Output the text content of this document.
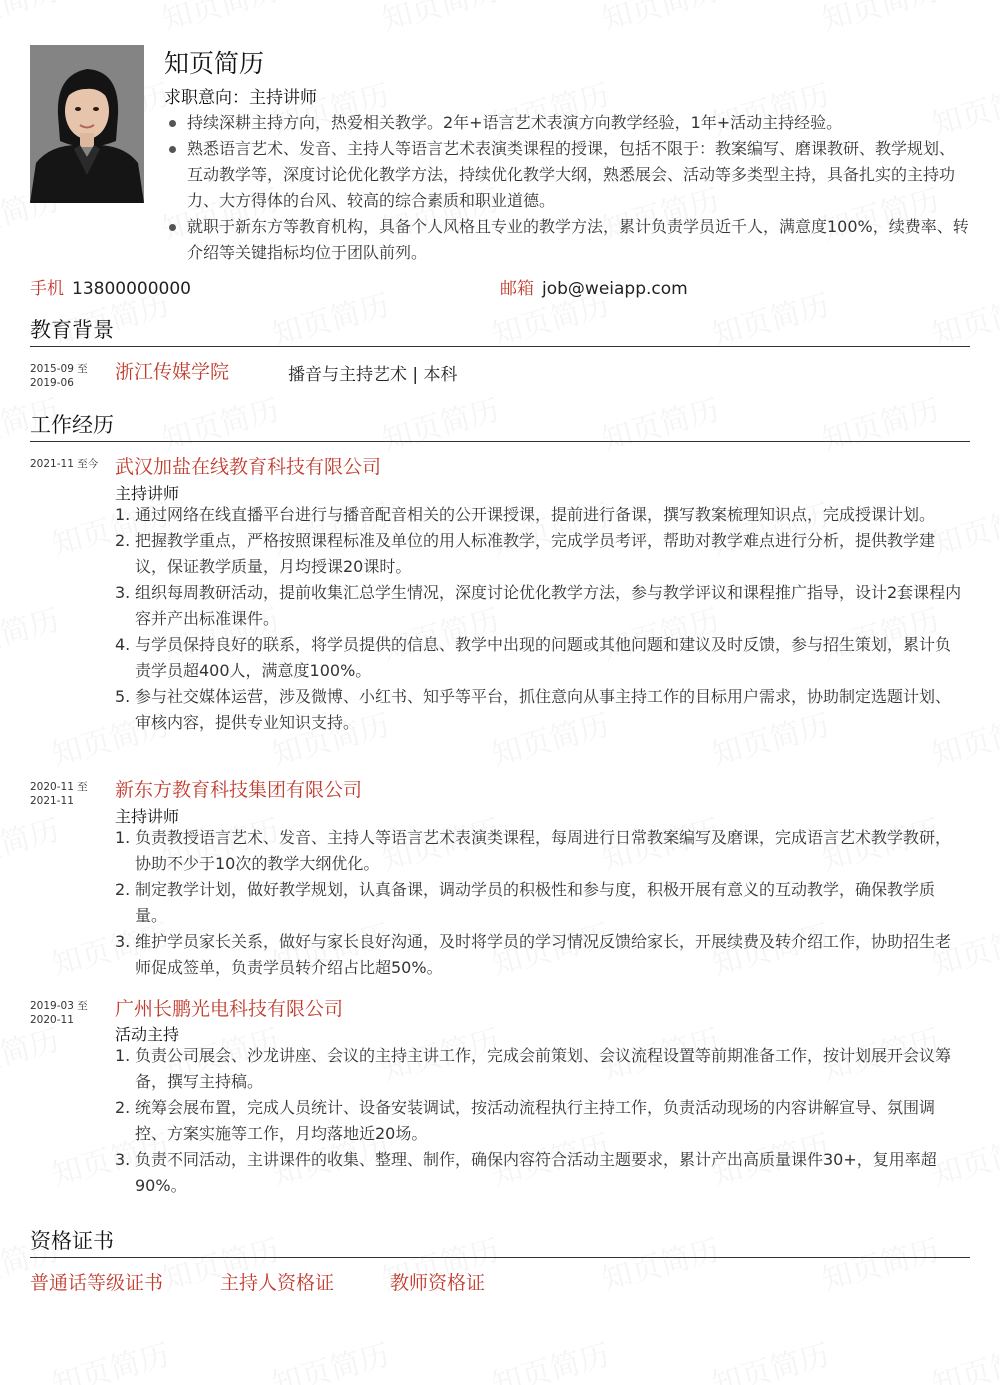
知页简历
求职意向：主持讲师
持续深耕主持方向，热爱相关教学。2年+语言艺术表演方向教学经验，1年+活动主持经验。
熟悉语言艺术、发音、主持人等语言艺术表演类课程的授课，包括不限于：教案编写、磨课教研、教学规划、互动教学等，深度讨论优化教学方法，持续优化教学大纲，熟悉展会、活动等多类型主持，具备扎实的主持功力、大方得体的台风、较高的综合素质和职业道德。
就职于新东方等教育机构，具备个人风格且专业的教学方法，累计负责学员近千人，满意度100%，续费率、转介绍等关键指标均位于团队前列。
手机 13800000000	邮箱 job@weiapp.com
教育背景
2015-09 至 2019-06	浙江传媒学院	播音与主持艺术 | 本科
工作经历
2021-11 至今 武汉加盐在线教育科技有限公司
主持讲师
1. 通过网络在线直播平台进行与播音配音相关的公开课授课，提前进行备课，撰写教案梳理知识点，完成授课计划。
2. 把握教学重点，严格按照课程标准及单位的用人标准教学，完成学员考评，帮助对教学难点进行分析，提供教学建议，保证教学质量，月均授课20课时。
3. 组织每周教研活动，提前收集汇总学生情况，深度讨论优化教学方法，参与教学评议和课程推广指导，设计2套课程内容并产出标准课件。
4. 与学员保持良好的联系，将学员提供的信息、教学中出现的问题或其他问题和建议及时反馈，参与招生策划，累计负责学员超400人，满意度100%。
5. 参与社交媒体运营，涉及微博、小红书、知乎等平台，抓住意向从事主持工作的目标用户需求，协助制定选题计划、审核内容，提供专业知识支持。
2020-11 至 2021-11	新东方教育科技集团有限公司
主持讲师
1. 负责教授语言艺术、发音、主持人等语言艺术表演类课程，每周进行日常教案编写及磨课，完成语言艺术教学教研，协助不少于10次的教学大纲优化。
2. 制定教学计划，做好教学规划，认真备课，调动学员的积极性和参与度，积极开展有意义的互动教学，确保教学质量。
3. 维护学员家长关系，做好与家长良好沟通，及时将学员的学习情况反馈给家长，开展续费及转介绍工作，协助招生老师促成签单，负责学员转介绍占比超50%。
2019-03 至 2020-11	广州长鹏光电科技有限公司
活动主持
1. 负责公司展会、沙龙讲座、会议的主持主讲工作，完成会前策划、会议流程设置等前期准备工作，按计划展开会议筹备，撰写主持稿。
2. 统筹会展布置，完成人员统计、设备安装调试，按活动流程执行主持工作，负责活动现场的内容讲解宣导、氛围调控、方案实施等工作，月均落地近20场。
3. 负责不同活动，主讲课件的收集、整理、制作，确保内容符合活动主题要求，累计产出高质量课件30+，复用率超90%。
资格证书
普通话等级证书	主持人资格证	教师资格证
